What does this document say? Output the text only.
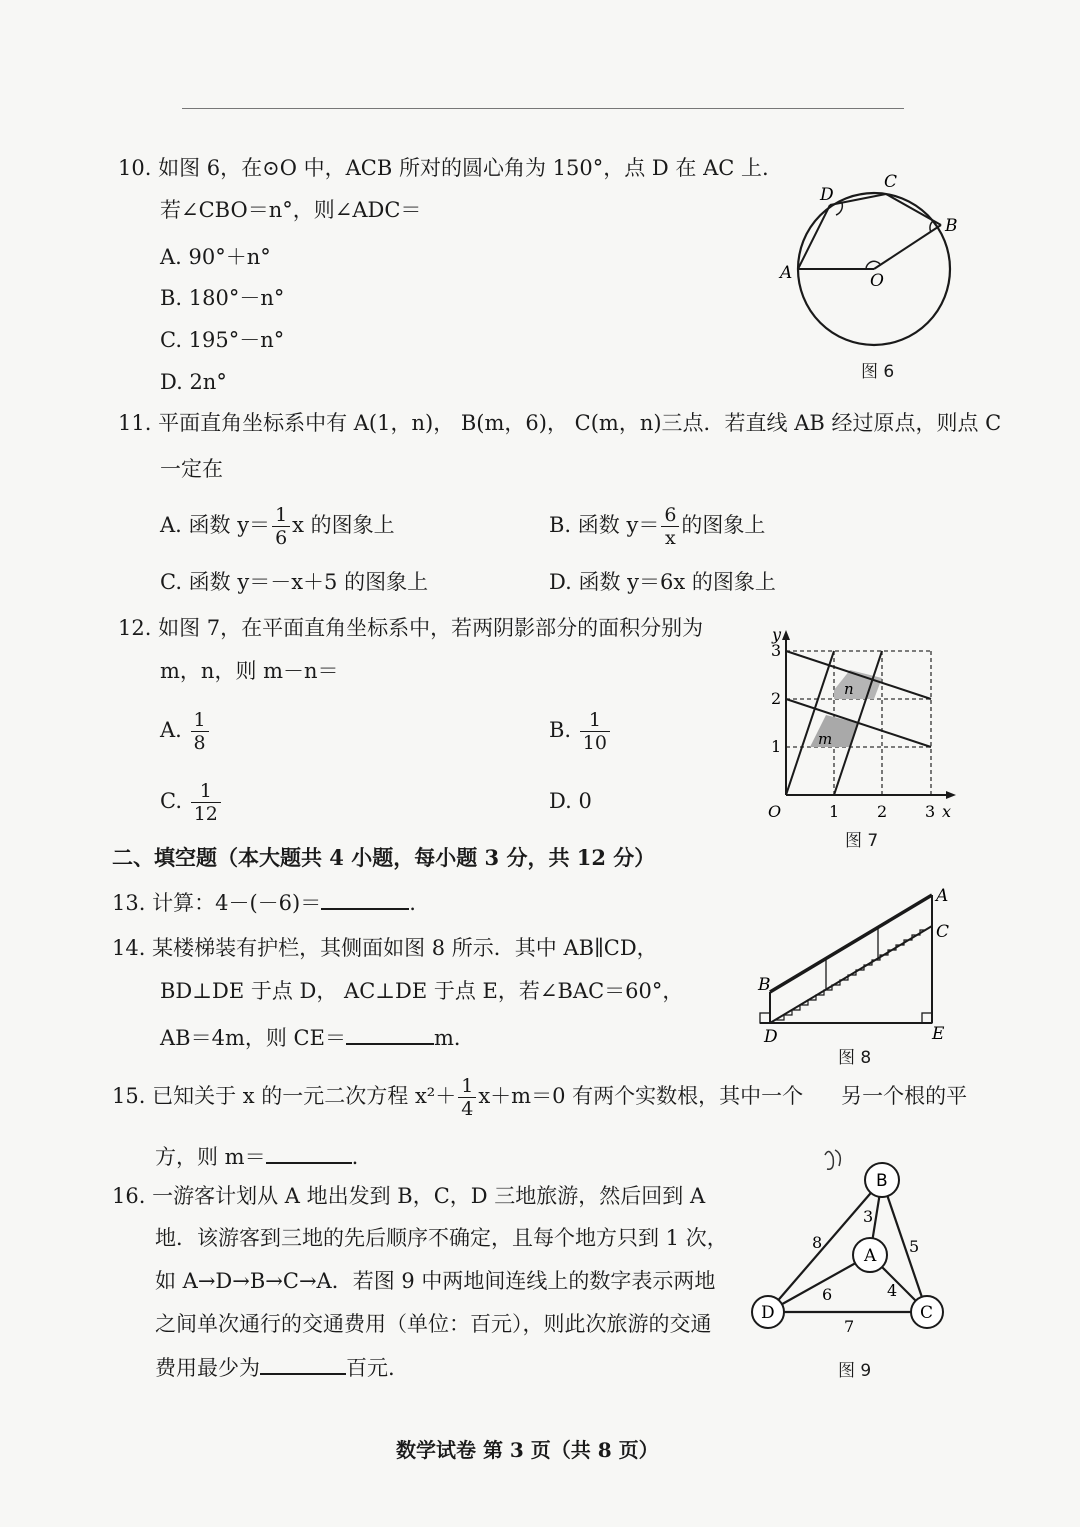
10. 如图 6，在⊙O 中，ACB 所对的圆心角为 150°，点 D 在 AC 上.
若∠CBO＝n°，则∠ADC＝
A. 90°＋n°
B. 180°－n°
C. 195°－n°
D. 2n°
D
C
B
A	O
图 6
11. 平面直角坐标系中有 A(1，n)， B(m，6)， C(m，n)三点．若直线 AB 经过原点，则点 C
一定在
A. 函数 $y= \frac{1}{6}$ x 的图象上	B. 函数 $y= \frac{6}{x}$ 的图象上
C. 函数 y＝－x＋5 的图象上	D. 函数 y＝6x 的图象上
12. 如图 7，在平面直角坐标系中，若两阴影部分的面积分别为
m，n，则 m－n＝
A. $\frac{1}{8}$	B. $\frac{1}{10}$
C. $\frac{1}{12}$	D. 0
y
x
O	1 2 3
3
2
1
n
m
图 7
二、填空题（本大题共 4 小题，每小题 3 分，共 12 分）
13. 计算：4－(－6)＝	.
14. 某楼梯装有护栏，其侧面如图 8 所示．其中 AB∥CD，
BD⊥DE 于点 D， AC⊥DE 于点 E，若∠BAC＝60°，
AB＝4m，则 CE＝	m．
A
C
B
D	E
图 8
15. 已知关于 x 的一元二次方程 $x^2+ \frac{1}{4} x+m=0$ 有两个实数根，其中一个 另一个根的平
方，则 m＝	.
16. 一游客计划从 A 地出发到 B，C，D 三地旅游，然后回到 A
地．该游客到三地的先后顺序不确定，且每个地方只到 1 次，
如 A→D→B→C→A．若图 9 中两地间连线上的数字表示两地
之间单次通行的交通费用（单位：百元），则此次旅游的交通
费用最少为	百元.
B
A
D	C
3
8	5
6	4
7
图 9
数学试卷 第 3 页（共 8 页）
